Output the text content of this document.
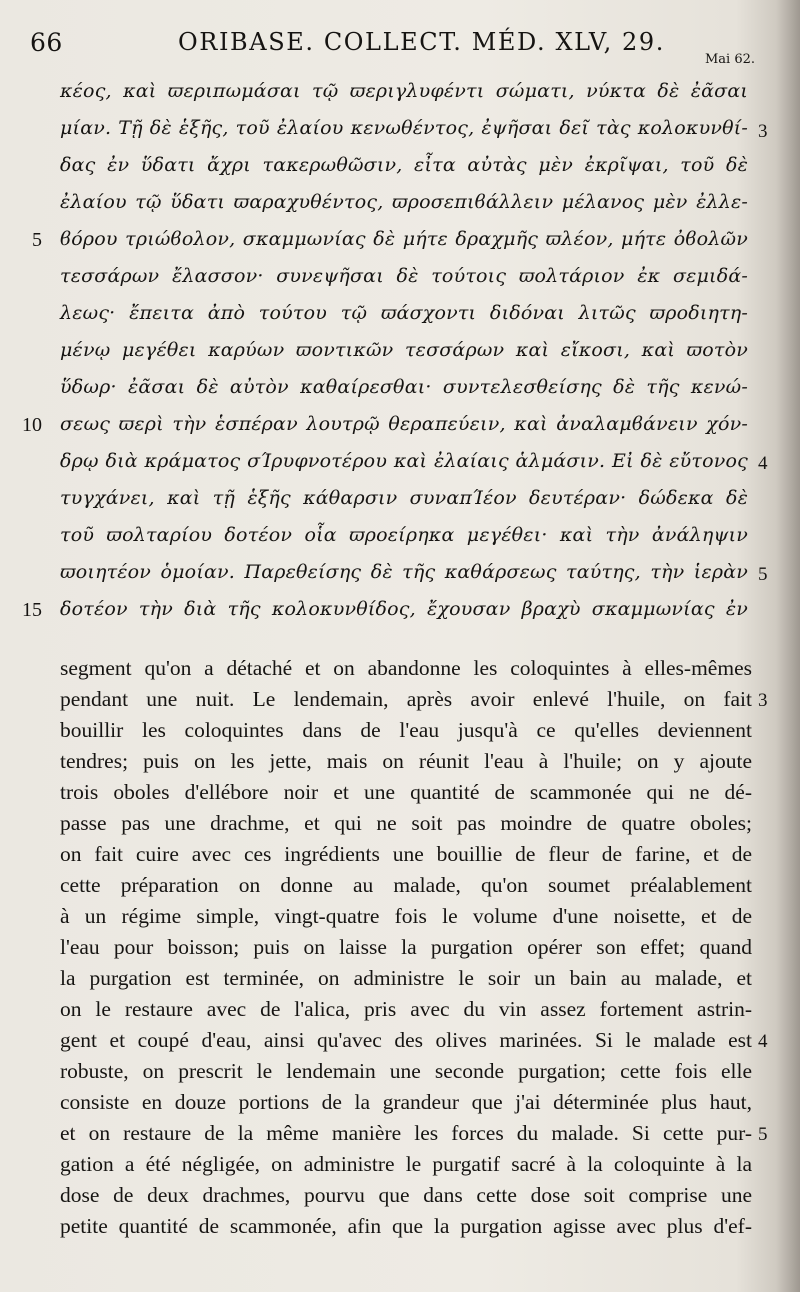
66	ORIBASE. COLLECT. MÉD. XLV, 29.
Mai 62.
κέος, καὶ ϖεριπωμάσαι τῷ ϖεριγλυφέντι σώματι, νύκτα δὲ ἐᾶσαι
μίαν. Τῇ δὲ ἑξῆς, τοῦ ἐλαίου κενωθέντος, ἐψῆσαι δεῖ τὰς κολοκυνθί-
δας ἐν ὕδατι ἄχρι τακερωθῶσιν, εἶτα αὐτὰς μὲν ἐκρῖψαι, τοῦ δὲ
ἐλαίου τῷ ὕδατι ϖαραχυθέντος, ϖροσεπιϐάλλειν μέλανος μὲν ἐλλε-
ϐόρου τριώϐολον, σκαμμωνίας δὲ μήτε δραχμῆς ϖλέον, μήτε ὀϐολῶν
τεσσάρων ἔλασσον· συνεψῆσαι δὲ τούτοις ϖολτάριον ἐκ σεμιδά-
λεως· ἔπειτα ἀπὸ τούτου τῷ ϖάσχοντι διδόναι λιτῶς ϖροδιητη-
μένῳ μεγέθει καρύων ϖοντικῶν τεσσάρων καὶ εἴκοσι, καὶ ϖοτὸν
ὕδωρ· ἐᾶσαι δὲ αὐτὸν καθαίρεσθαι· συντελεσθείσης δὲ τῆς κενώ-
σεως ϖερὶ τὴν ἑσπέραν λουτρῷ θεραπεύειν, καὶ ἀναλαμϐάνειν χόν-
δρῳ διὰ κράματος σΊρυφνοτέρου καὶ ἐλαίαις ἁλμάσιν. Εἰ δὲ εὔτονος
τυγχάνει, καὶ τῇ ἑξῆς κάθαρσιν συναπΊέον δευτέραν· δώδεκα δὲ
τοῦ ϖολταρίου δοτέον οἷα ϖροείρηκα μεγέθει· καὶ τὴν ἀνάληψιν
ϖοιητέον ὁμοίαν. Παρεθείσης δὲ τῆς καθάρσεως ταύτης, τὴν ἱερὰν
δοτέον τὴν διὰ τῆς κολοκυνθίδος, ἔχουσαν βραχὺ σκαμμωνίας ἐν
5
10
15
3
4
5
segment qu'on a détaché et on abandonne les coloquintes à elles-mêmes
pendant une nuit. Le lendemain, après avoir enlevé l'huile, on fait
bouillir les coloquintes dans de l'eau jusqu'à ce qu'elles deviennent
tendres; puis on les jette, mais on réunit l'eau à l'huile; on y ajoute
trois oboles d'ellébore noir et une quantité de scammonée qui ne dé-
passe pas une drachme, et qui ne soit pas moindre de quatre oboles;
on fait cuire avec ces ingrédients une bouillie de fleur de farine, et de
cette préparation on donne au malade, qu'on soumet préalablement
à un régime simple, vingt-quatre fois le volume d'une noisette, et de
l'eau pour boisson; puis on laisse la purgation opérer son effet; quand
la purgation est terminée, on administre le soir un bain au malade, et
on le restaure avec de l'alica, pris avec du vin assez fortement astrin-
gent et coupé d'eau, ainsi qu'avec des olives marinées. Si le malade est
robuste, on prescrit le lendemain une seconde purgation; cette fois elle
consiste en douze portions de la grandeur que j'ai déterminée plus haut,
et on restaure de la même manière les forces du malade. Si cette pur-
gation a été négligée, on administre le purgatif sacré à la coloquinte à la
dose de deux drachmes, pourvu que dans cette dose soit comprise une
petite quantité de scammonée, afin que la purgation agisse avec plus d'ef-
3
4
5
